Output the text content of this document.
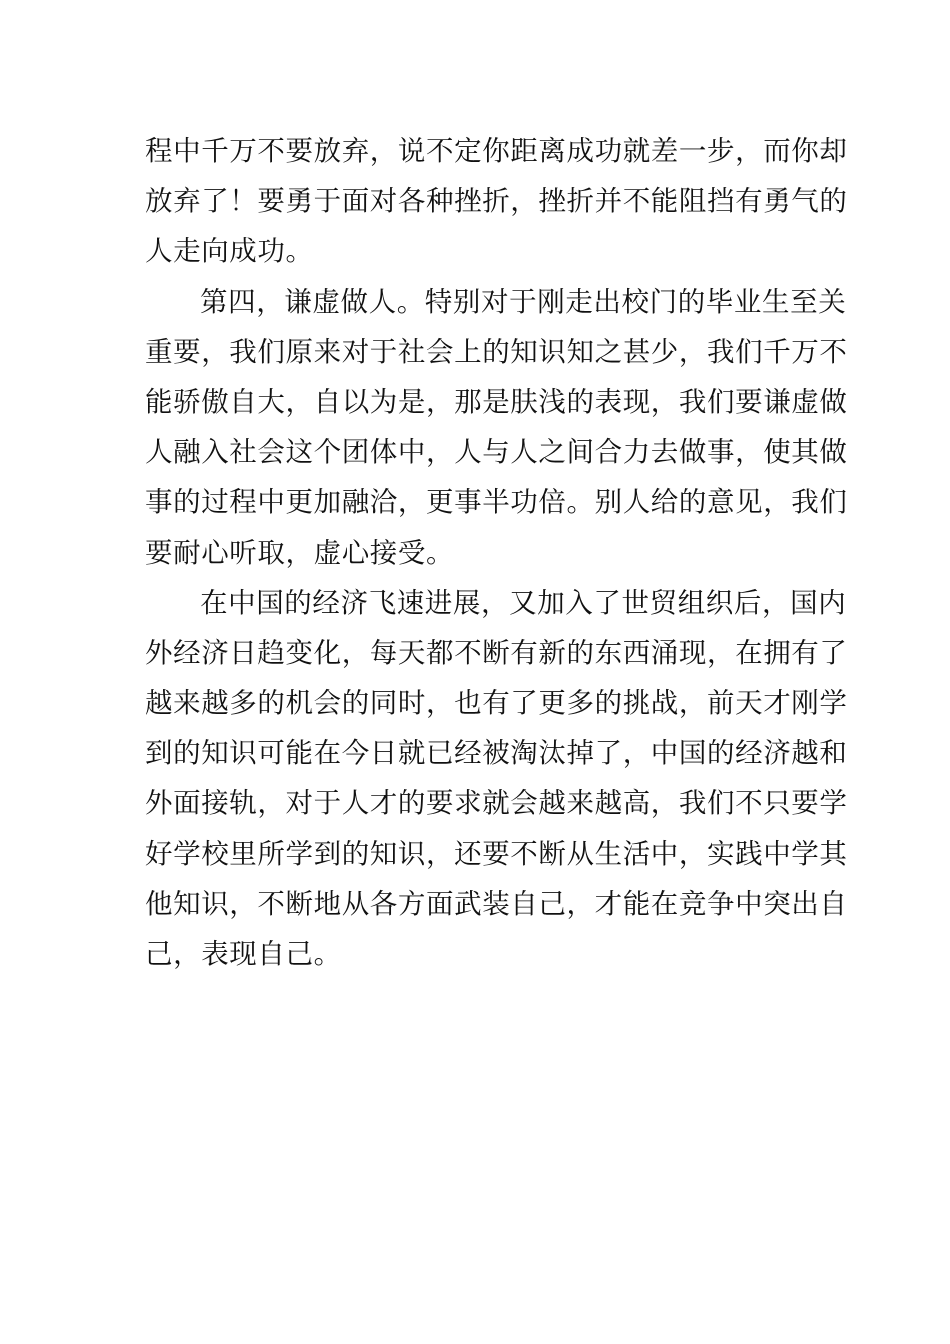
程中千万不要放弃，说不定你距离成功就差一步，而你却
放弃了！要勇于面对各种挫折，挫折并不能阻挡有勇气的
人走向成功。
第四，谦虚做人。特别对于刚走出校门的毕业生至关
重要，我们原来对于社会上的知识知之甚少，我们千万不
能骄傲自大，自以为是，那是肤浅的表现，我们要谦虚做
人融入社会这个团体中，人与人之间合力去做事，使其做
事的过程中更加融洽，更事半功倍。别人给的意见，我们
要耐心听取，虚心接受。
在中国的经济飞速进展，又加入了世贸组织后，国内
外经济日趋变化，每天都不断有新的东西涌现，在拥有了
越来越多的机会的同时，也有了更多的挑战，前天才刚学
到的知识可能在今日就已经被淘汰掉了，中国的经济越和
外面接轨，对于人才的要求就会越来越高，我们不只要学
好学校里所学到的知识，还要不断从生活中，实践中学其
他知识，不断地从各方面武装自己，才能在竞争中突出自
己，表现自己。
